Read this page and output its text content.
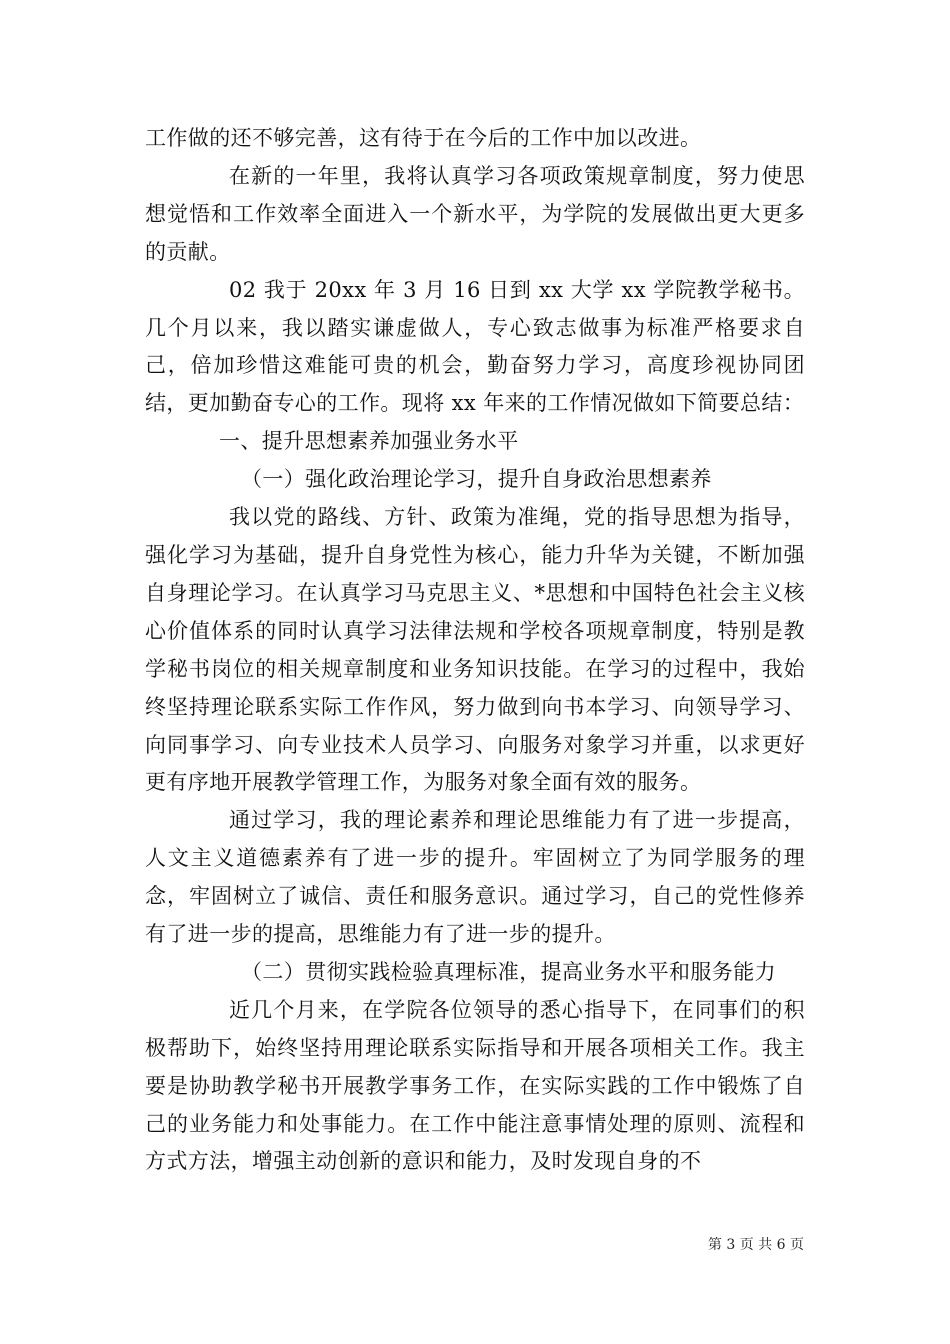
工作做的还不够完善，这有待于在今后的工作中加以改进。

在新的一年里，我将认真学习各项政策规章制度，努力使思想觉悟和工作效率全面进入一个新水平，为学院的发展做出更大更多的贡献。

02 我于 20xx 年 3 月 16 日到 xx 大学 xx 学院教学秘书。几个月以来，我以踏实谦虚做人，专心致志做事为标准严格要求自己，倍加珍惜这难能可贵的机会，勤奋努力学习，高度珍视协同团结，更加勤奋专心的工作。现将 xx 年来的工作情况做如下简要总结：

一、提升思想素养加强业务水平

（一）强化政治理论学习，提升自身政治思想素养

我以党的路线、方针、政策为准绳，党的指导思想为指导，强化学习为基础，提升自身党性为核心，能力升华为关键，不断加强自身理论学习。在认真学习马克思主义、*思想和中国特色社会主义核心价值体系的同时认真学习法律法规和学校各项规章制度，特别是教学秘书岗位的相关规章制度和业务知识技能。在学习的过程中，我始终坚持理论联系实际工作作风，努力做到向书本学习、向领导学习、向同事学习、向专业技术人员学习、向服务对象学习并重，以求更好更有序地开展教学管理工作，为服务对象全面有效的服务。

通过学习，我的理论素养和理论思维能力有了进一步提高，人文主义道德素养有了进一步的提升。牢固树立了为同学服务的理念，牢固树立了诚信、责任和服务意识。通过学习，自己的党性修养有了进一步的提高，思维能力有了进一步的提升。

（二）贯彻实践检验真理标准，提高业务水平和服务能力

近几个月来，在学院各位领导的悉心指导下，在同事们的积极帮助下，始终坚持用理论联系实际指导和开展各项相关工作。我主要是协助教学秘书开展教学事务工作，在实际实践的工作中锻炼了自己的业务能力和处事能力。在工作中能注意事情处理的原则、流程和方式方法，增强主动创新的意识和能力，及时发现自身的不

第 3 页 共 6 页
